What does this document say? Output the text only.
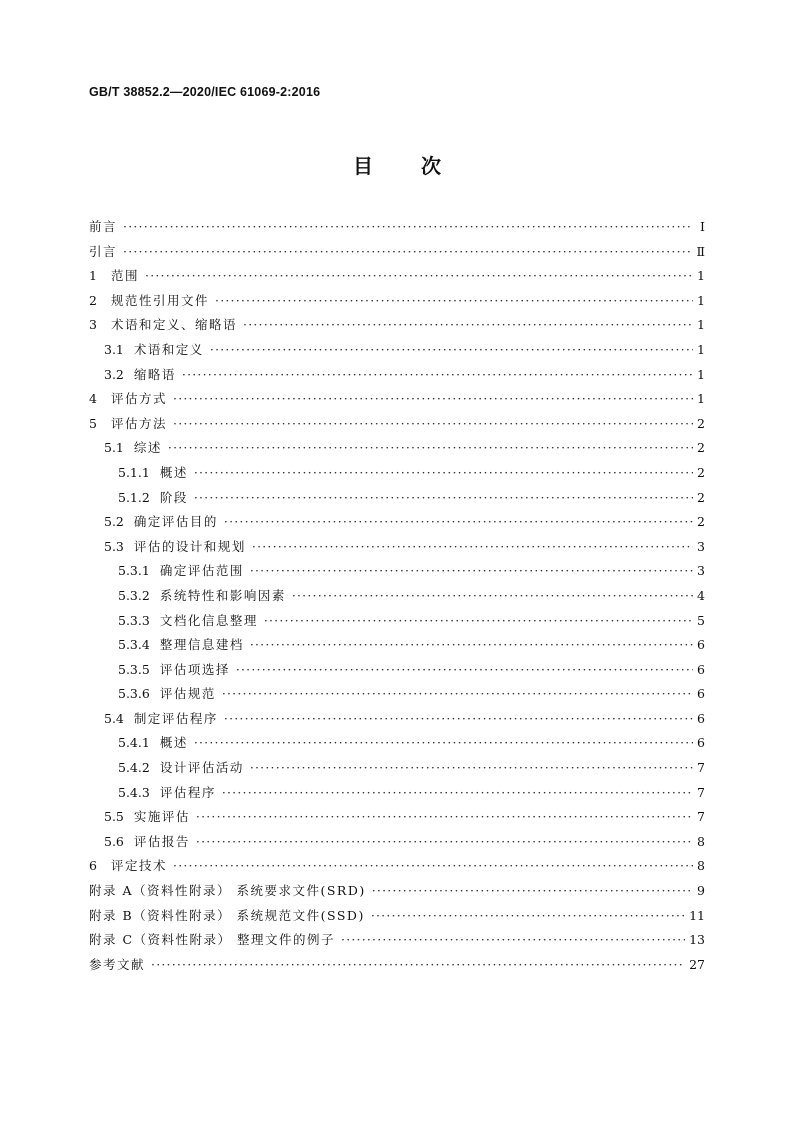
GB/T 38852.2—2020/IEC 61069-2:2016
目 次
前言 ·····	Ⅰ
引言 ·····	Ⅱ
1	范围 ·····	1
2	规范性引用文件 ·····	1
3	术语和定义、缩略语 ·····	1
3.1 术语和定义 ·····	1
3.2 缩略语 ·····	1
4	评估方式 ·····	1
5	评估方法 ·····	2
5.1 综述 ·····	2
5.1.1 概述 ·····	2
5.1.2 阶段 ·····	2
5.2 确定评估目的 ·····	2
5.3 评估的设计和规划 ·····	3
5.3.1 确定评估范围 ·····	3
5.3.2 系统特性和影响因素 ·····	4
5.3.3 文档化信息整理 ·····	5
5.3.4 整理信息建档 ·····	6
5.3.5 评估项选择 ·····	6
5.3.6 评估规范 ·····	6
5.4 制定评估程序 ·····	6
5.4.1 概述 ·····	6
5.4.2 设计评估活动 ·····	7
5.4.3 评估程序 ·····	7
5.5 实施评估 ·····	7
5.6 评估报告 ·····	8
6	评定技术 ·····	8
附录 A（资料性附录） 系统要求文件(SRD) ·····	9
附录 B（资料性附录） 系统规范文件(SSD) ·····	11
附录 C（资料性附录） 整理文件的例子 ·····	13
参考文献 ·····	27
